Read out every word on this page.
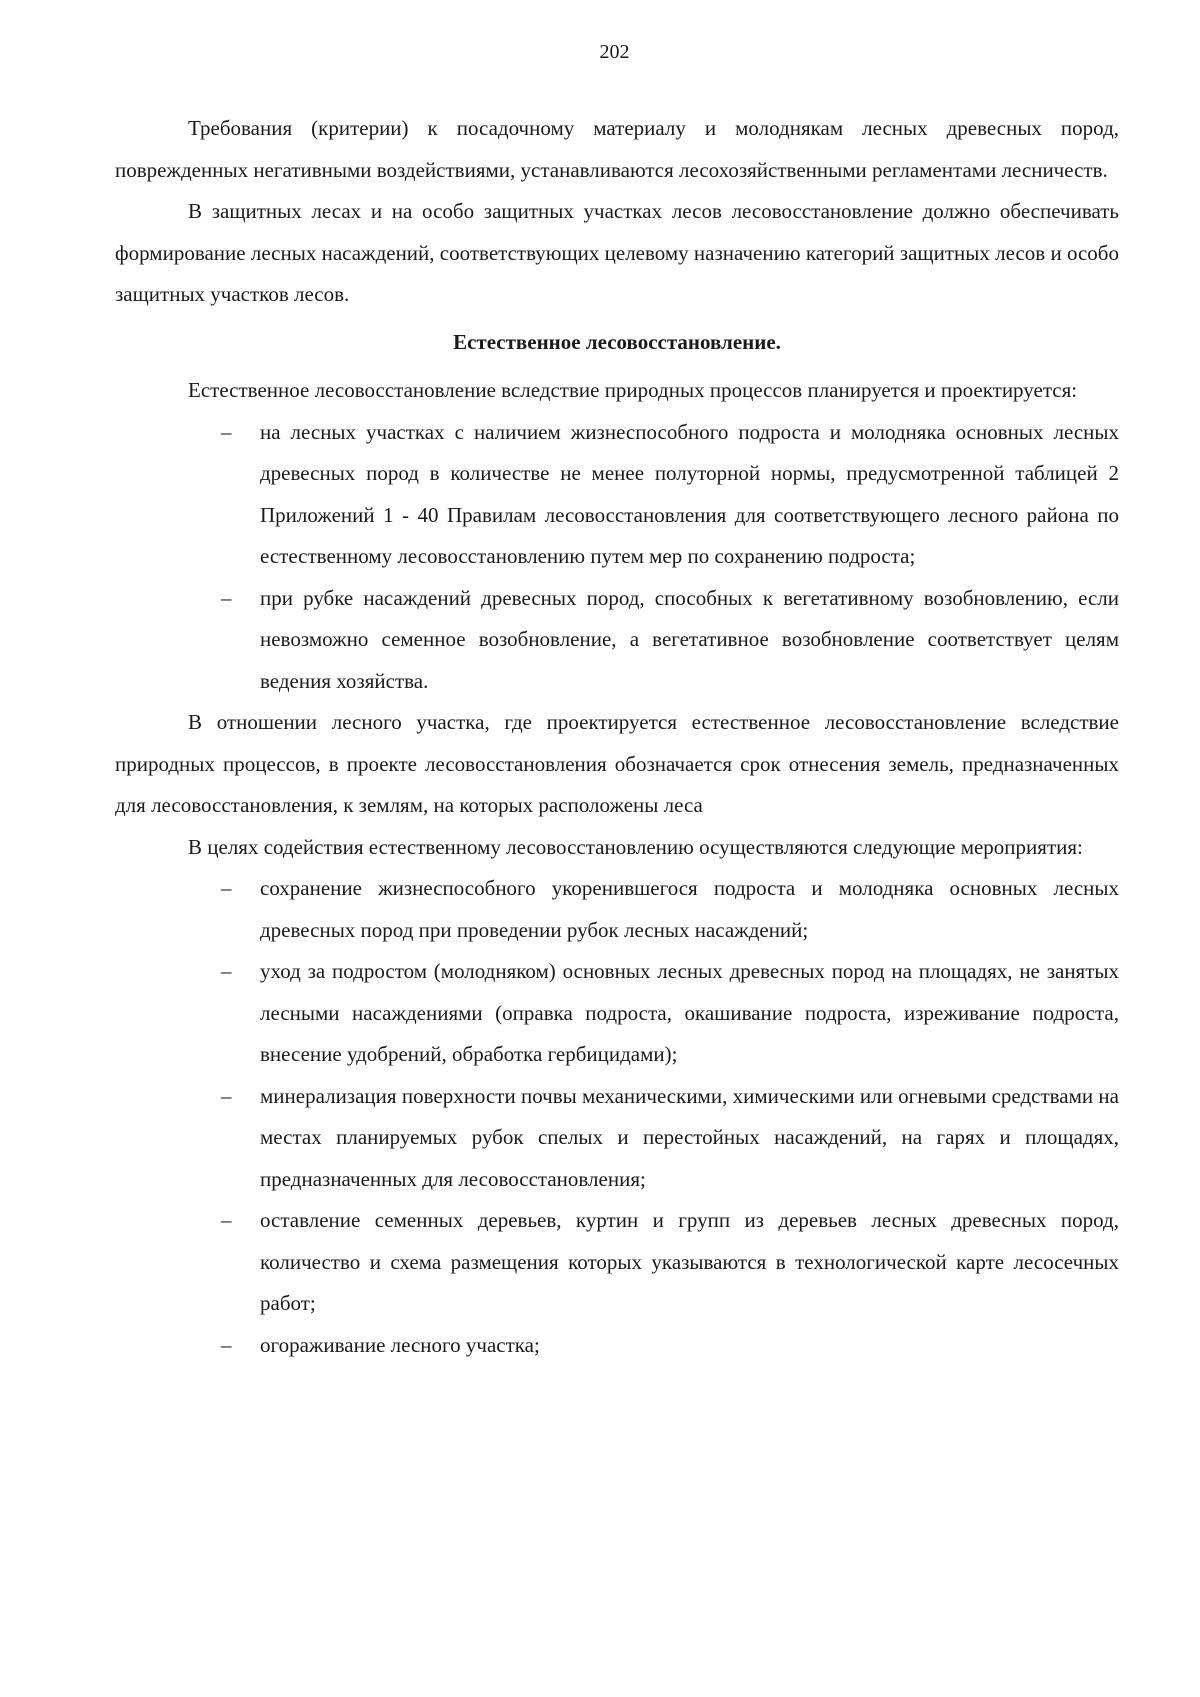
202

Требования (критерии) к посадочному материалу и молоднякам лесных древесных пород, поврежденных негативными воздействиями, устанавливаются лесохозяйственными регламентами лесничеств.

В защитных лесах и на особо защитных участках лесов лесовосстановление должно обеспечивать формирование лесных насаждений, соответствующих целевому назначению категорий защитных лесов и особо защитных участков лесов.

Естественное лесовосстановление.

Естественное лесовосстановление вследствие природных процессов планируется и проектируется:

– на лесных участках с наличием жизнеспособного подроста и молодняка основных лесных древесных пород в количестве не менее полуторной нормы, предусмотренной таблицей 2 Приложений 1 - 40 Правилам лесовосстановления для соответствующего лесного района по естественному лесовосстановлению путем мер по сохранению подроста;
– при рубке насаждений древесных пород, способных к вегетативному возобновлению, если невозможно семенное возобновление, а вегетативное возобновление соответствует целям ведения хозяйства.

В отношении лесного участка, где проектируется естественное лесовосстановление вследствие природных процессов, в проекте лесовосстановления обозначается срок отнесения земель, предназначенных для лесовосстановления, к землям, на которых расположены леса

В целях содействия естественному лесовосстановлению осуществляются следующие мероприятия:

– сохранение жизнеспособного укоренившегося подроста и молодняка основных лесных древесных пород при проведении рубок лесных насаждений;
– уход за подростом (молодняком) основных лесных древесных пород на площадях, не занятых лесными насаждениями (оправка подроста, окашивание подроста, изреживание подроста, внесение удобрений, обработка гербицидами);
– минерализация поверхности почвы механическими, химическими или огневыми средствами на местах планируемых рубок спелых и перестойных насаждений, на гарях и площадях, предназначенных для лесовосстановления;
– оставление семенных деревьев, куртин и групп из деревьев лесных древесных пород, количество и схема размещения которых указываются в технологической карте лесосечных работ;
– огораживание лесного участка;
